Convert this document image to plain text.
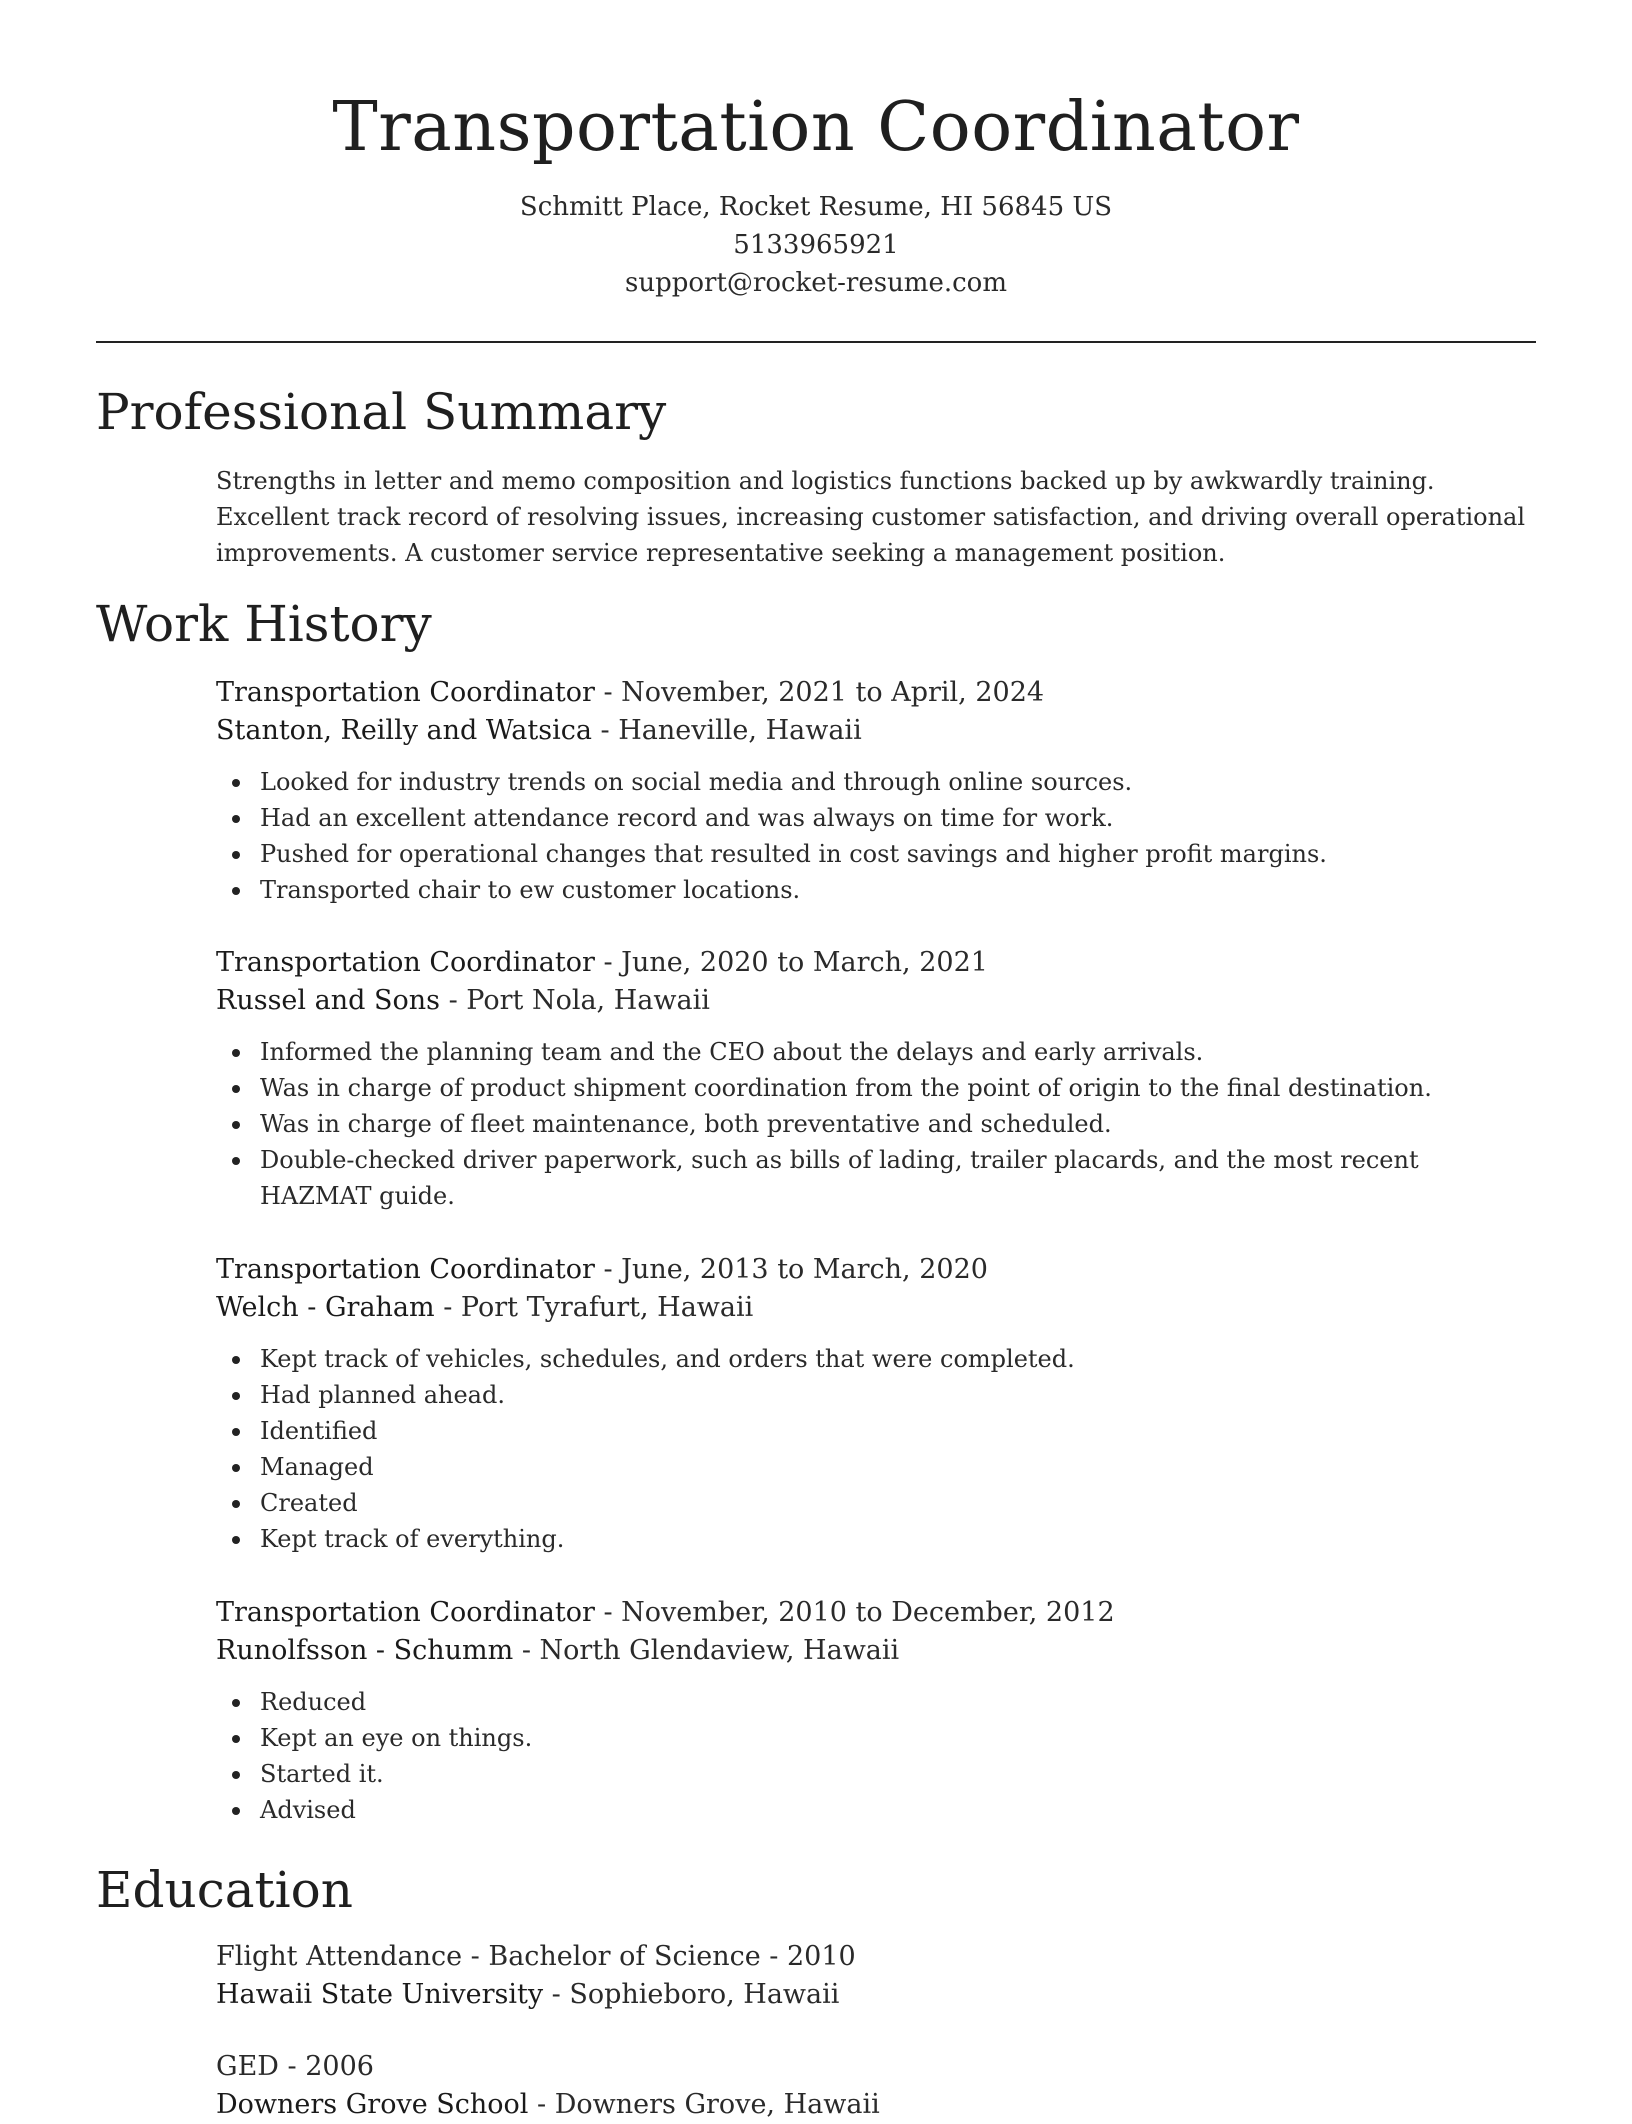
Transportation Coordinator
Schmitt Place, Rocket Resume, HI 56845 US
5133965921
support@rocket-resume.com
Professional Summary

Strengths in letter and memo composition and logistics functions backed up by awkwardly training. Excellent track record of resolving issues, increasing customer satisfaction, and driving overall operational improvements. A customer service representative seeking a management position.

Work History
Transportation Coordinator - November, 2021 to April, 2024
Stanton, Reilly and Watsica - Haneville, Hawaii
Looked for industry trends on social media and through online sources.
Had an excellent attendance record and was always on time for work.
Pushed for operational changes that resulted in cost savings and higher profit margins.
Transported chair to ew customer locations.
Transportation Coordinator - June, 2020 to March, 2021
Russel and Sons - Port Nola, Hawaii
Informed the planning team and the CEO about the delays and early arrivals.
Was in charge of product shipment coordination from the point of origin to the final destination.
Was in charge of fleet maintenance, both preventative and scheduled.
Double-checked driver paperwork, such as bills of lading, trailer placards, and the most recent HAZMAT guide.
Transportation Coordinator - June, 2013 to March, 2020
Welch - Graham - Port Tyrafurt, Hawaii
Kept track of vehicles, schedules, and orders that were completed.
Had planned ahead.
Identified
Managed
Created
Kept track of everything.
Transportation Coordinator - November, 2010 to December, 2012
Runolfsson - Schumm - North Glendaview, Hawaii
Reduced
Kept an eye on things.
Started it.
Advised
Education
Flight Attendance - Bachelor of Science - 2010
Hawaii State University - Sophieboro, Hawaii
GED - 2006
Downers Grove School - Downers Grove, Hawaii
